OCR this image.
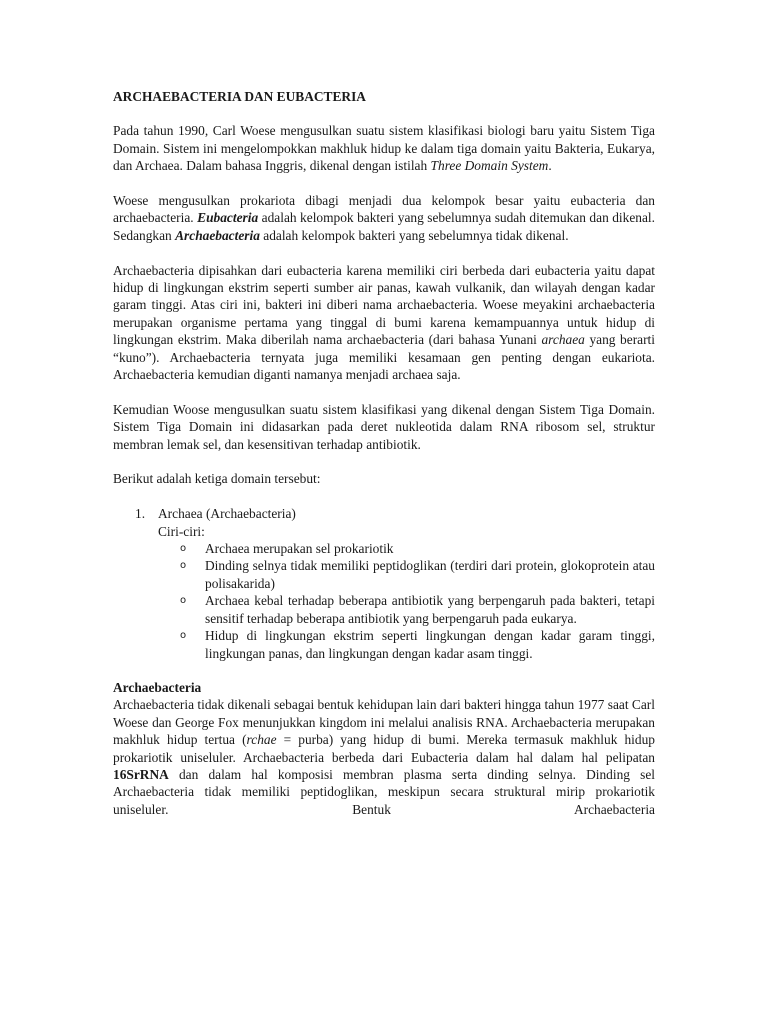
ARCHAEBACTERIA DAN EUBACTERIA

Pada tahun 1990, Carl Woese mengusulkan suatu sistem klasifikasi biologi baru yaitu Sistem Tiga Domain. Sistem ini mengelompokkan makhluk hidup ke dalam tiga domain yaitu Bakteria, Eukarya, dan Archaea. Dalam bahasa Inggris, dikenal dengan istilah Three Domain System.

Woese mengusulkan prokariota dibagi menjadi dua kelompok besar yaitu eubacteria dan archaebacteria. Eubacteria adalah kelompok bakteri yang sebelumnya sudah ditemukan dan dikenal. Sedangkan Archaebacteria adalah kelompok bakteri yang sebelumnya tidak dikenal.

Archaebacteria dipisahkan dari eubacteria karena memiliki ciri berbeda dari eubacteria yaitu dapat hidup di lingkungan ekstrim seperti sumber air panas, kawah vulkanik, dan wilayah dengan kadar garam tinggi. Atas ciri ini, bakteri ini diberi nama archaebacteria. Woese meyakini archaebacteria merupakan organisme pertama yang tinggal di bumi karena kemampuannya untuk hidup di lingkungan ekstrim. Maka diberilah nama archaebacteria (dari bahasa Yunani archaea yang berarti “kuno”). Archaebacteria ternyata juga memiliki kesamaan gen penting dengan eukariota. Archaebacteria kemudian diganti namanya menjadi archaea saja.

Kemudian Woose mengusulkan suatu sistem klasifikasi yang dikenal dengan Sistem Tiga Domain. Sistem Tiga Domain ini didasarkan pada deret nukleotida dalam RNA ribosom sel, struktur membran lemak sel, dan kesensitivan terhadap antibiotik.

Berikut adalah ketiga domain tersebut:

1. Archaea (Archaebacteria)
Ciri-ciri:
o Archaea merupakan sel prokariotik
o Dinding selnya tidak memiliki peptidoglikan (terdiri dari protein, glokoprotein atau polisakarida)
o Archaea kebal terhadap beberapa antibiotik yang berpengaruh pada bakteri, tetapi sensitif terhadap beberapa antibiotik yang berpengaruh pada eukarya.
o Hidup di lingkungan ekstrim seperti lingkungan dengan kadar garam tinggi, lingkungan panas, dan lingkungan dengan kadar asam tinggi.

Archaebacteria

Archaebacteria tidak dikenali sebagai bentuk kehidupan lain dari bakteri hingga tahun 1977 saat Carl Woese dan George Fox menunjukkan kingdom ini melalui analisis RNA. Archaebacteria merupakan makhluk hidup tertua (rchae = purba) yang hidup di bumi. Mereka termasuk makhluk hidup prokariotik uniseluler. Archaebacteria berbeda dari Eubacteria dalam hal dalam hal pelipatan 16SrRNA dan dalam hal komposisi membran plasma serta dinding selnya. Dinding sel Archaebacteria tidak memiliki peptidoglikan, meskipun secara struktural mirip prokariotik uniseluler. Bentuk Archaebacteria
